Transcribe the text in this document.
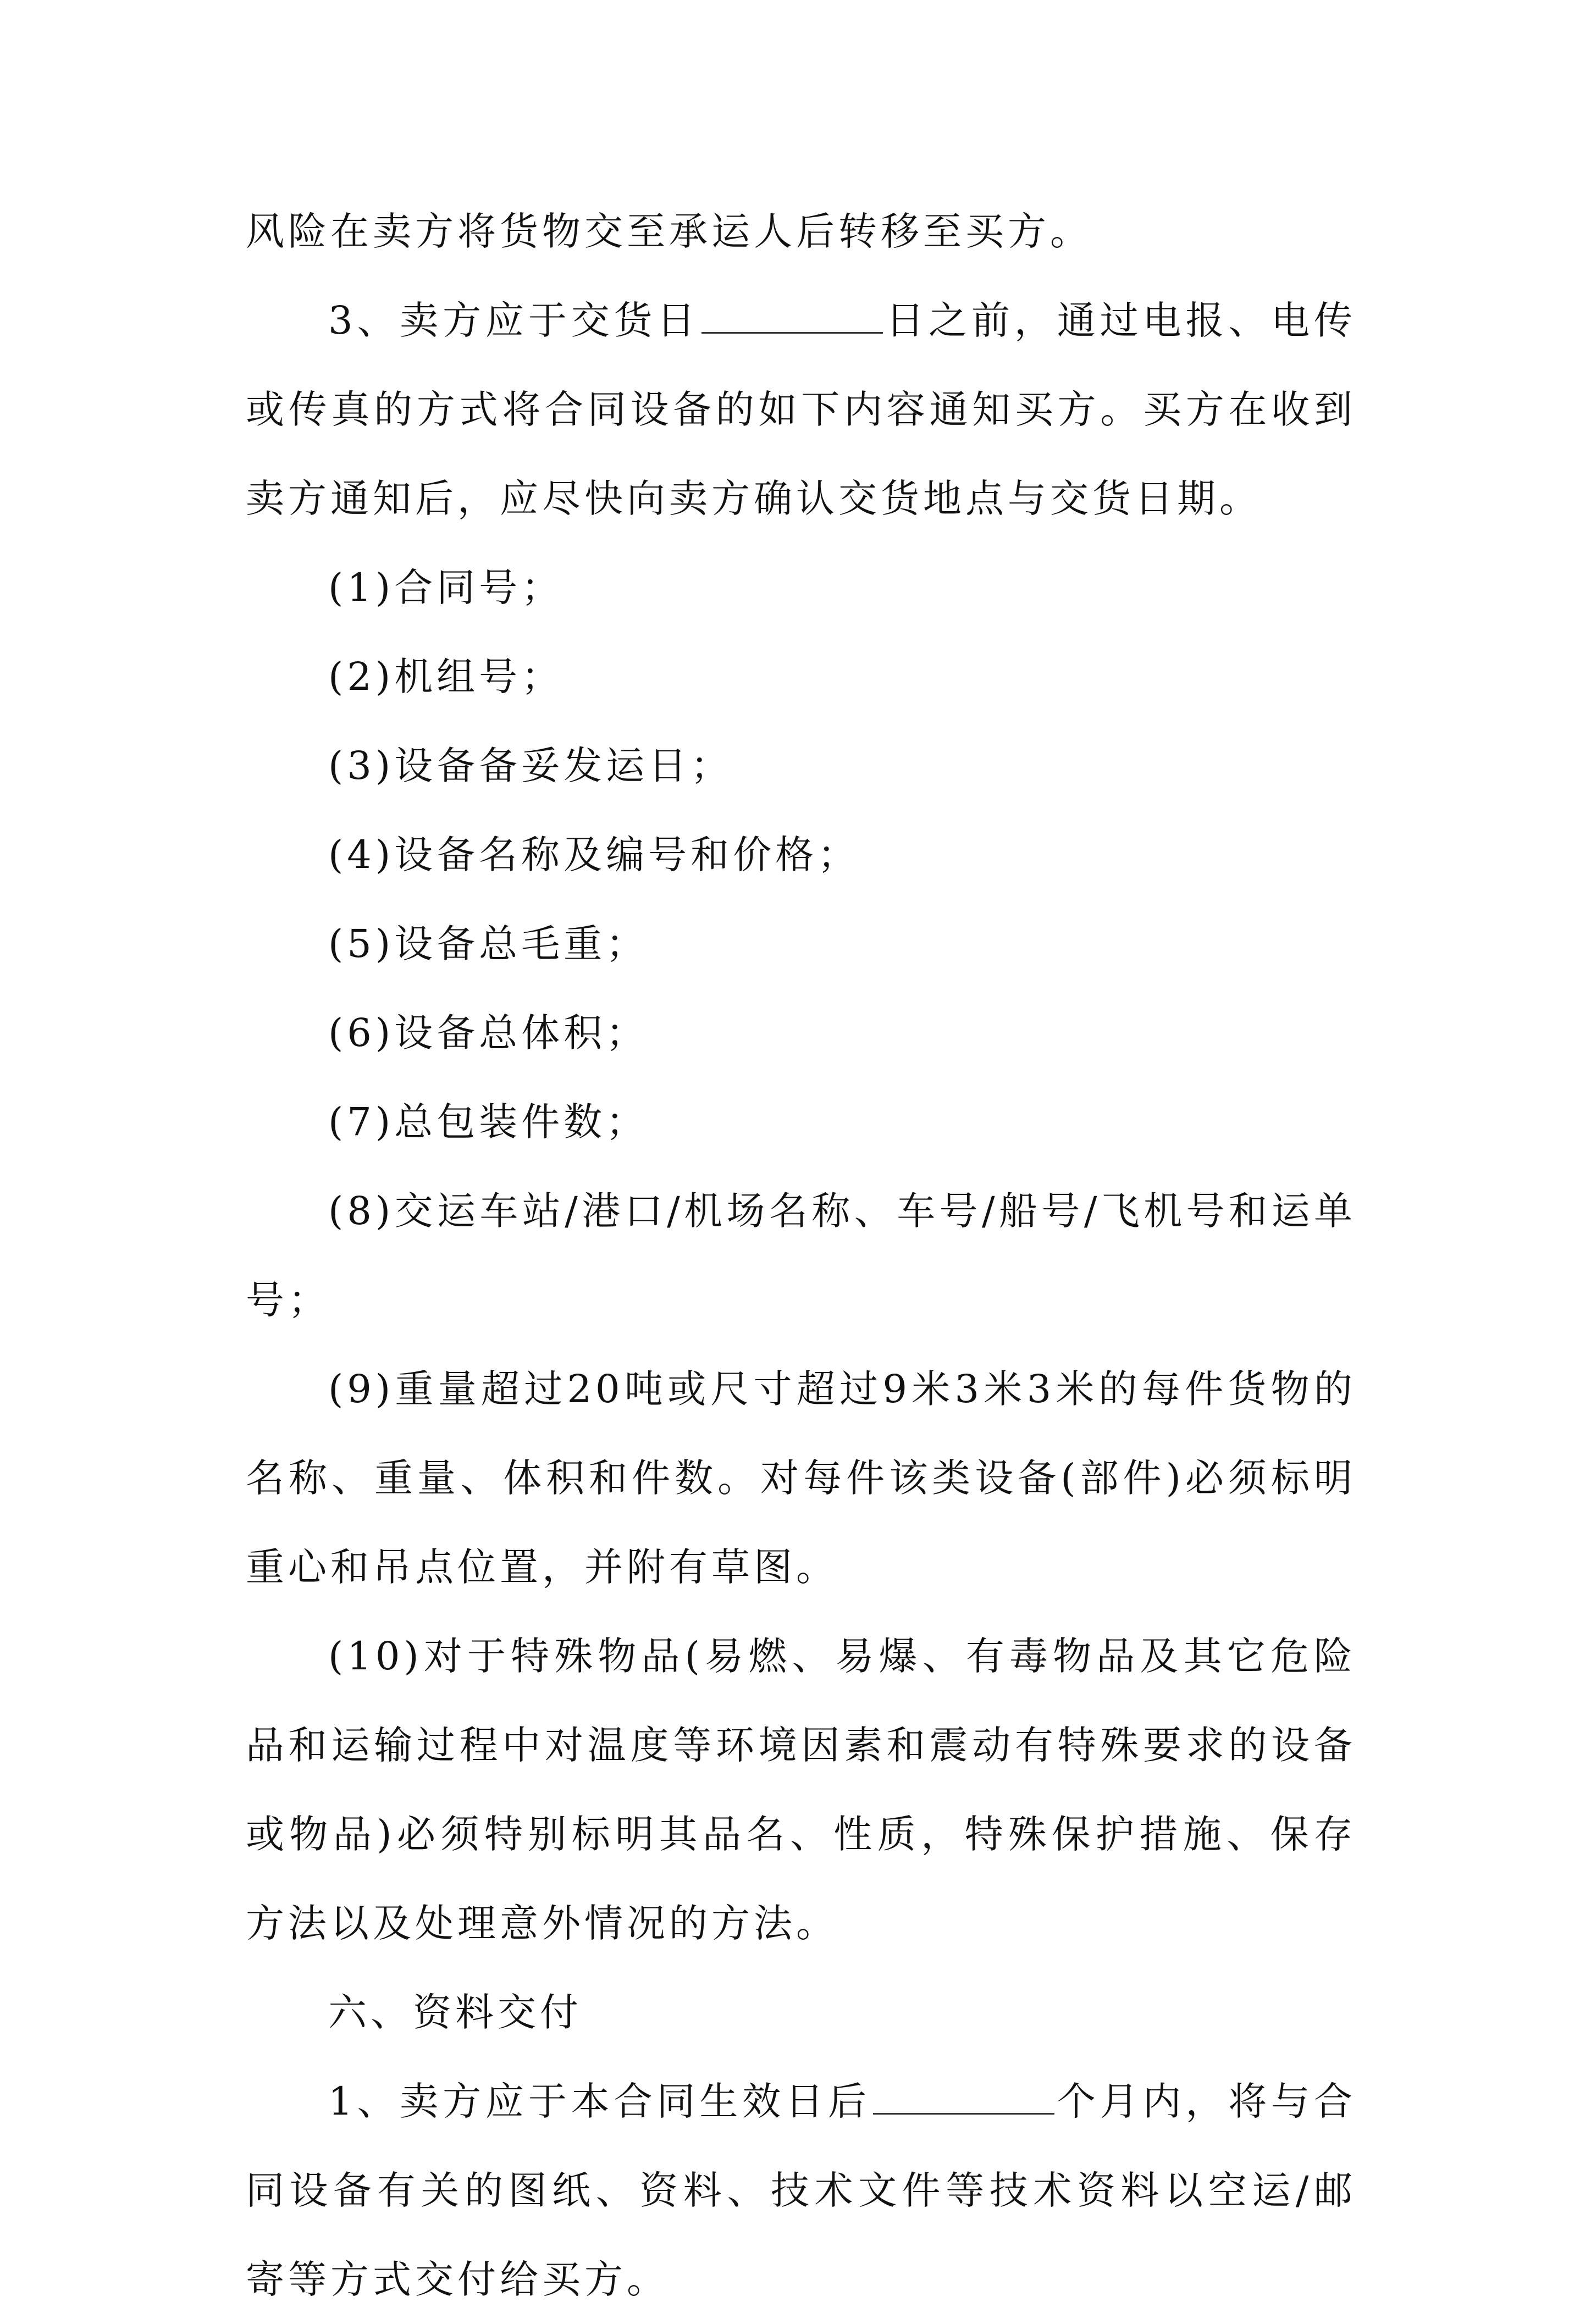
风险在卖方将货物交至承运人后转移至买方。

3、卖方应于交货日	日之前，通过电报、电传或传真的方式将合同设备的如下内容通知买方。买方在收到卖方通知后，应尽快向卖方确认交货地点与交货日期。

(1)合同号；

(2)机组号；

(3)设备备妥发运日；

(4)设备名称及编号和价格；

(5)设备总毛重；

(6)设备总体积；

(7)总包装件数；

(8)交运车站/港口/机场名称、车号/船号/飞机号和运单号；

(9)重量超过20吨或尺寸超过9米3米3米的每件货物的名称、重量、体积和件数。对每件该类设备(部件)必须标明重心和吊点位置，并附有草图。

(10)对于特殊物品(易燃、易爆、有毒物品及其它危险品和运输过程中对温度等环境因素和震动有特殊要求的设备或物品)必须特别标明其品名、性质，特殊保护措施、保存方法以及处理意外情况的方法。

六、资料交付

1、卖方应于本合同生效日后	个月内，将与合同设备有关的图纸、资料、技术文件等技术资料以空运/邮寄等方式交付给买方。
